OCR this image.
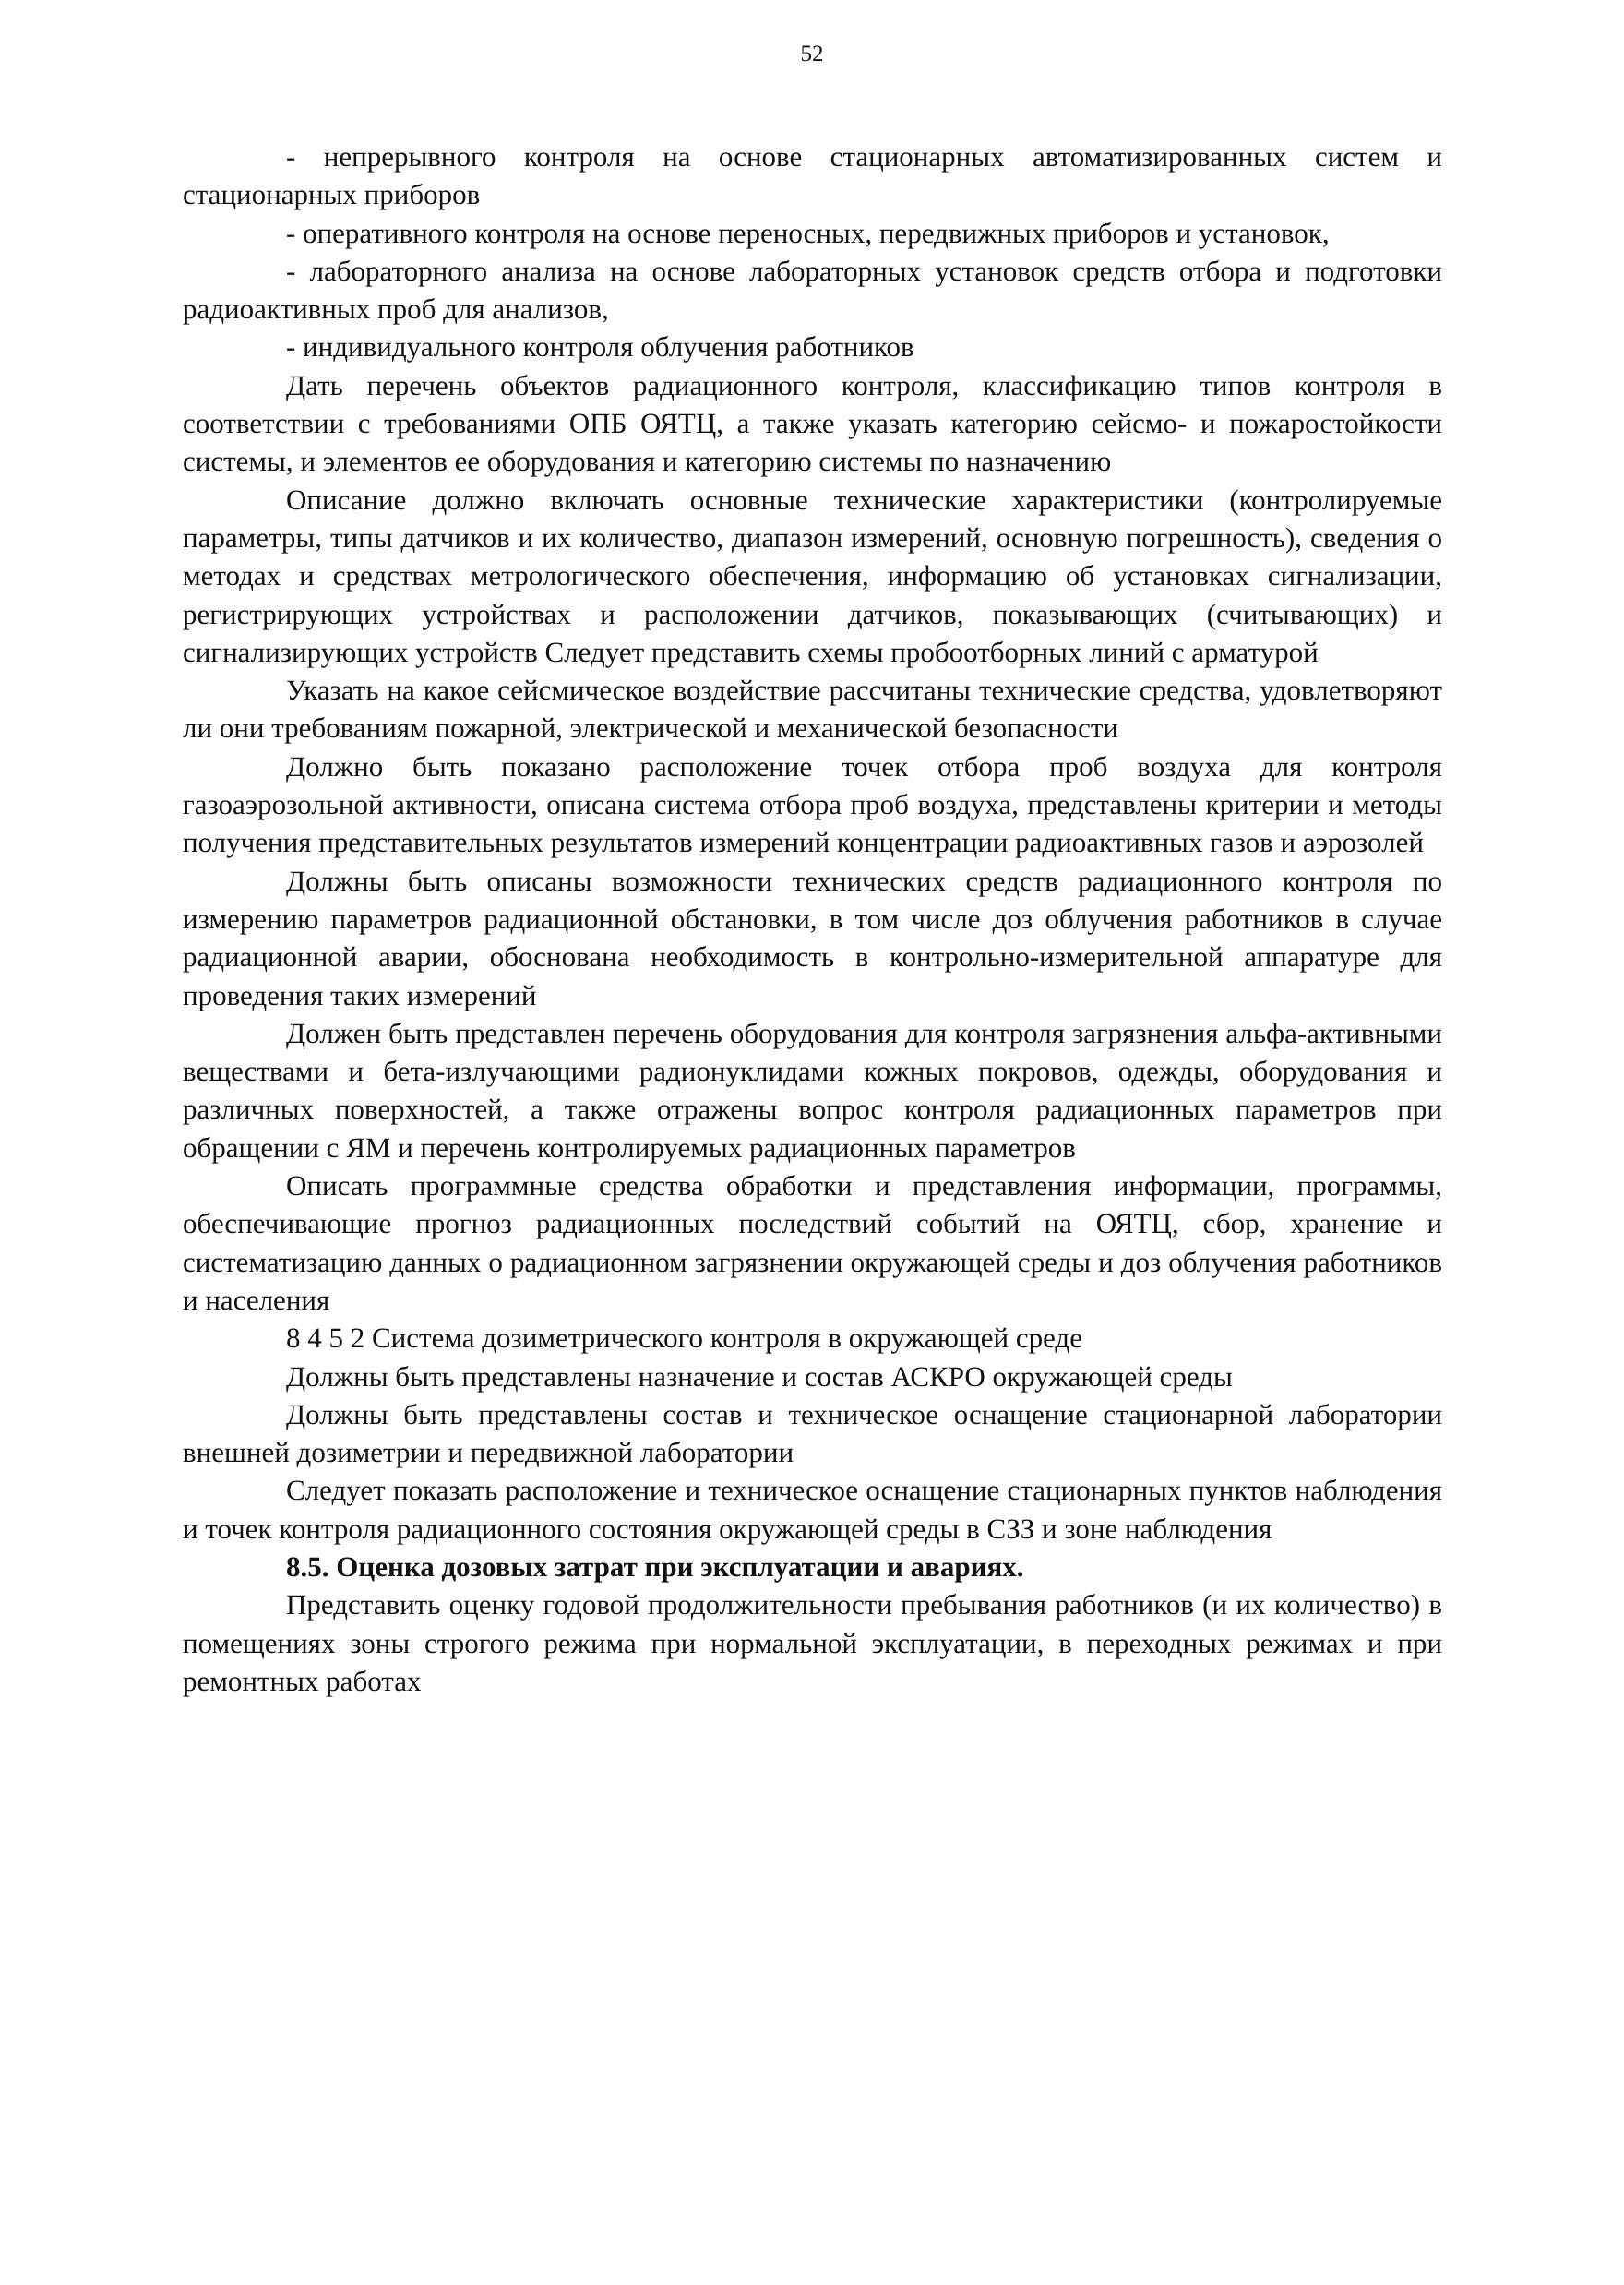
52

- непрерывного контроля на основе стационарных автоматизированных систем и стационарных приборов

- оперативного контроля на основе переносных, передвижных приборов и установок,

- лабораторного анализа на основе лабораторных установок средств отбора и подготовки радиоактивных проб для анализов,

- индивидуального контроля облучения работников

Дать перечень объектов радиационного контроля, классификацию типов контроля в соответствии с требованиями ОПБ ОЯТЦ, а также указать категорию сейсмо- и пожаростойкости системы, и элементов ее оборудования и категорию системы по назначению

Описание должно включать основные технические характеристики (контролируемые параметры, типы датчиков и их количество, диапазон измерений, основную погрешность), сведения о методах и средствах метрологического обеспечения, информацию об установках сигнализации, регистрирующих устройствах и расположении датчиков, показывающих (считывающих) и сигнализирующих устройств Следует представить схемы пробоотборных линий с арматурой

Указать на какое сейсмическое воздействие рассчитаны технические средства, удовлетворяют ли они требованиям пожарной, электрической и механической безопасности

Должно быть показано расположение точек отбора проб воздуха для контроля газоаэрозольной активности, описана система отбора проб воздуха, представлены критерии и методы получения представительных результатов измерений концентрации радиоактивных газов и аэрозолей

Должны быть описаны возможности технических средств радиационного контроля по измерению параметров радиационной обстановки, в том числе доз облучения работников в случае радиационной аварии, обоснована необходимость в контрольно-измерительной аппаратуре для проведения таких измерений

Должен быть представлен перечень оборудования для контроля загрязнения альфа-активными веществами и бета-излучающими радионуклидами кожных покровов, одежды, оборудования и различных поверхностей, а также отражены вопрос контроля радиационных параметров при обращении с ЯМ и перечень контролируемых радиационных параметров

Описать программные средства обработки и представления информации, программы, обеспечивающие прогноз радиационных последствий событий на ОЯТЦ, сбор, хранение и систематизацию данных о радиационном загрязнении окружающей среды и доз облучения работников и населения

8 4 5 2 Система дозиметрического контроля в окружающей среде

Должны быть представлены назначение и состав АСКРО окружающей среды

Должны быть представлены состав и техническое оснащение стационарной лаборатории внешней дозиметрии и передвижной лаборатории

Следует показать расположение и техническое оснащение стационарных пунктов наблюдения и точек контроля радиационного состояния окружающей среды в СЗЗ и зоне наблюдения

8.5. Оценка дозовых затрат при эксплуатации и авариях.

Представить оценку годовой продолжительности пребывания работников (и их количество) в помещениях зоны строгого режима при нормальной эксплуатации, в переходных режимах и при ремонтных работах
